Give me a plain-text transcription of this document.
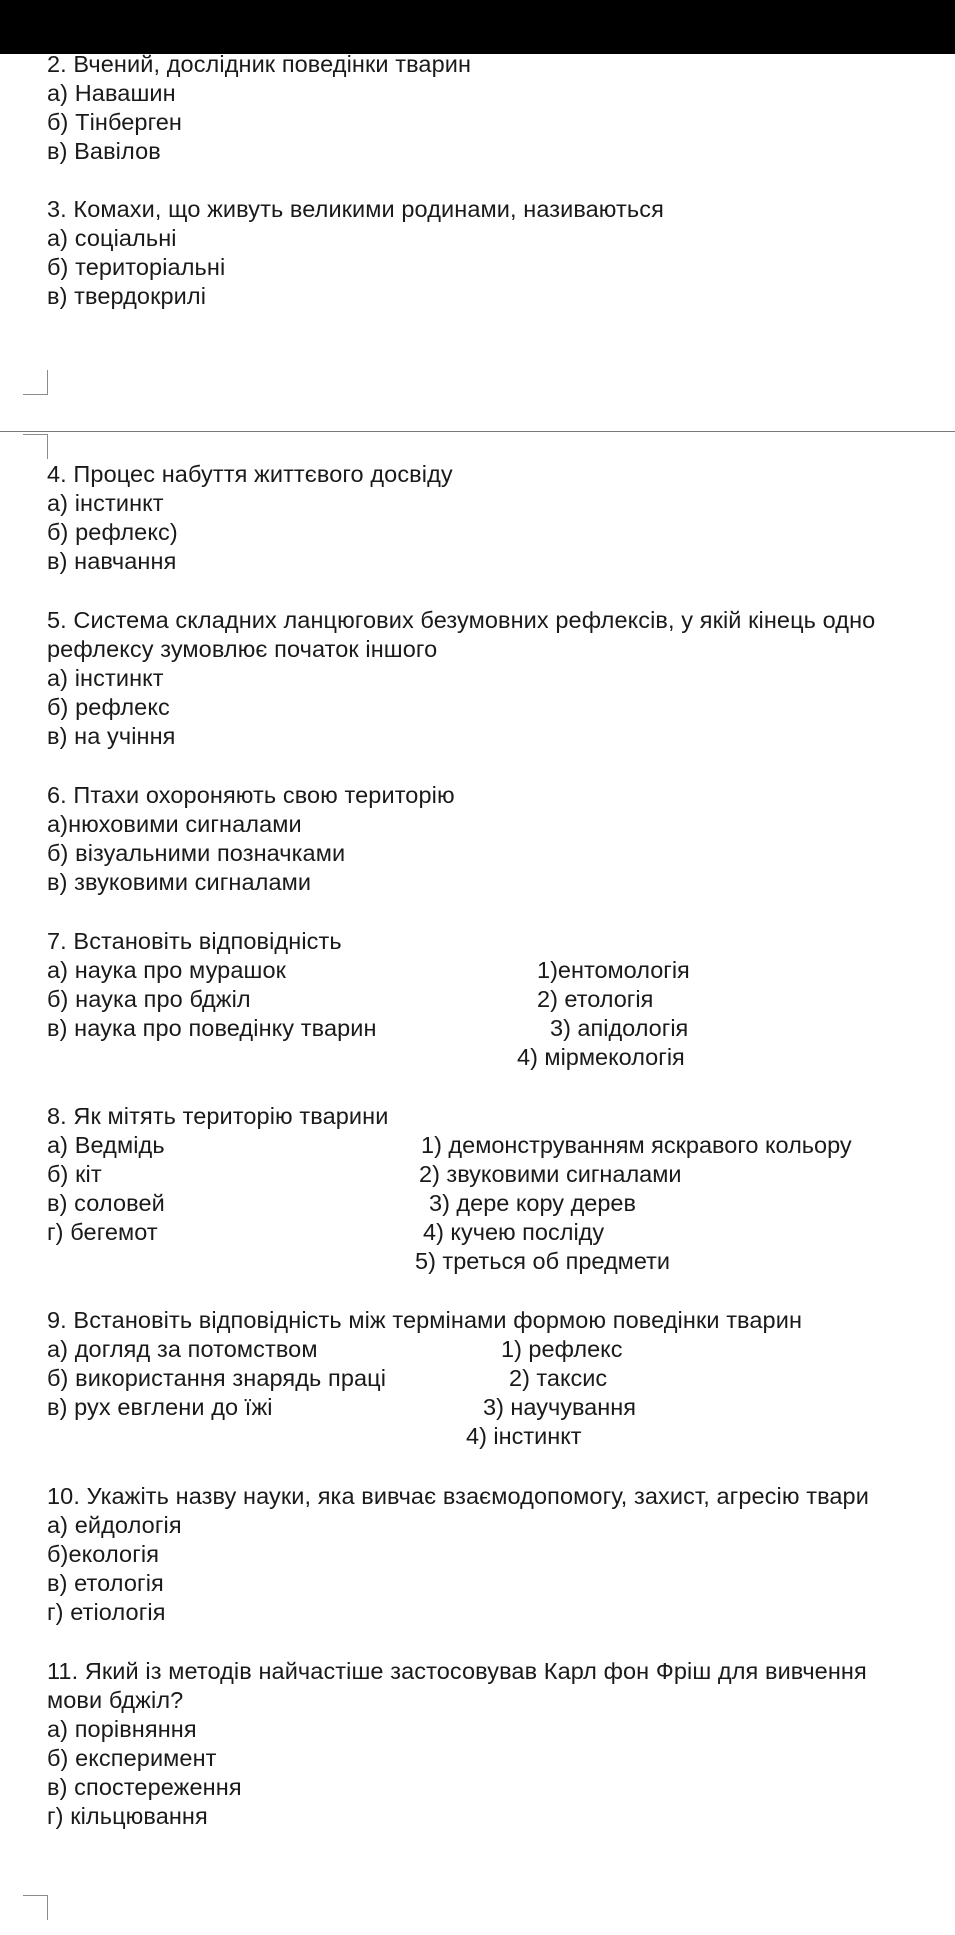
2. Вчений, дослідник поведінки тварин
а) Навашин
б) Тінберген
в) Вавілов
3. Комахи, що живуть великими родинами, називаються
а) соціальні
б) територіальні
в) твердокрилі
4. Процес набуття життєвого досвіду
а) інстинкт
б) рефлекс)
в) навчання
5. Система складних ланцюгових безумовних рефлексів, у якій кінець одно
рефлексу зумовлює початок іншого
а) інстинкт
б) рефлекс
в) на учіння
6. Птахи охороняють свою територію
а)нюховими сигналами
б) візуальними позначками
в) звуковими сигналами
7. Встановіть відповідність
а) наука про мурашок
б) наука про бджіл
в) наука про поведінку тварин
1)ентомологія
2) етологія
3) апідологія
4) мірмекологія
8. Як мітять територію тварини
а) Ведмідь
б) кіт
в) соловей
г) бегемот
1) демонструванням яскравого кольору
2) звуковими сигналами
3) дере кору дерев
4) кучею посліду
5) треться об предмети
9. Встановіть відповідність між термінами формою поведінки тварин
а) догляд за потомством
б) використання знарядь праці
в) рух евглени до їжі
1) рефлекс
2) таксис
3) научування
4) інстинкт
10. Укажіть назву науки, яка вивчає взаємодопомогу, захист, агресію твари
а) ейдологія
б)екологія
в) етологія
г) етіологія
11. Який із методів найчастіше застосовував Карл фон Фріш для вивчення
мови бджіл?
а) порівняння
б) експеримент
в) спостереження
г) кільцювання
